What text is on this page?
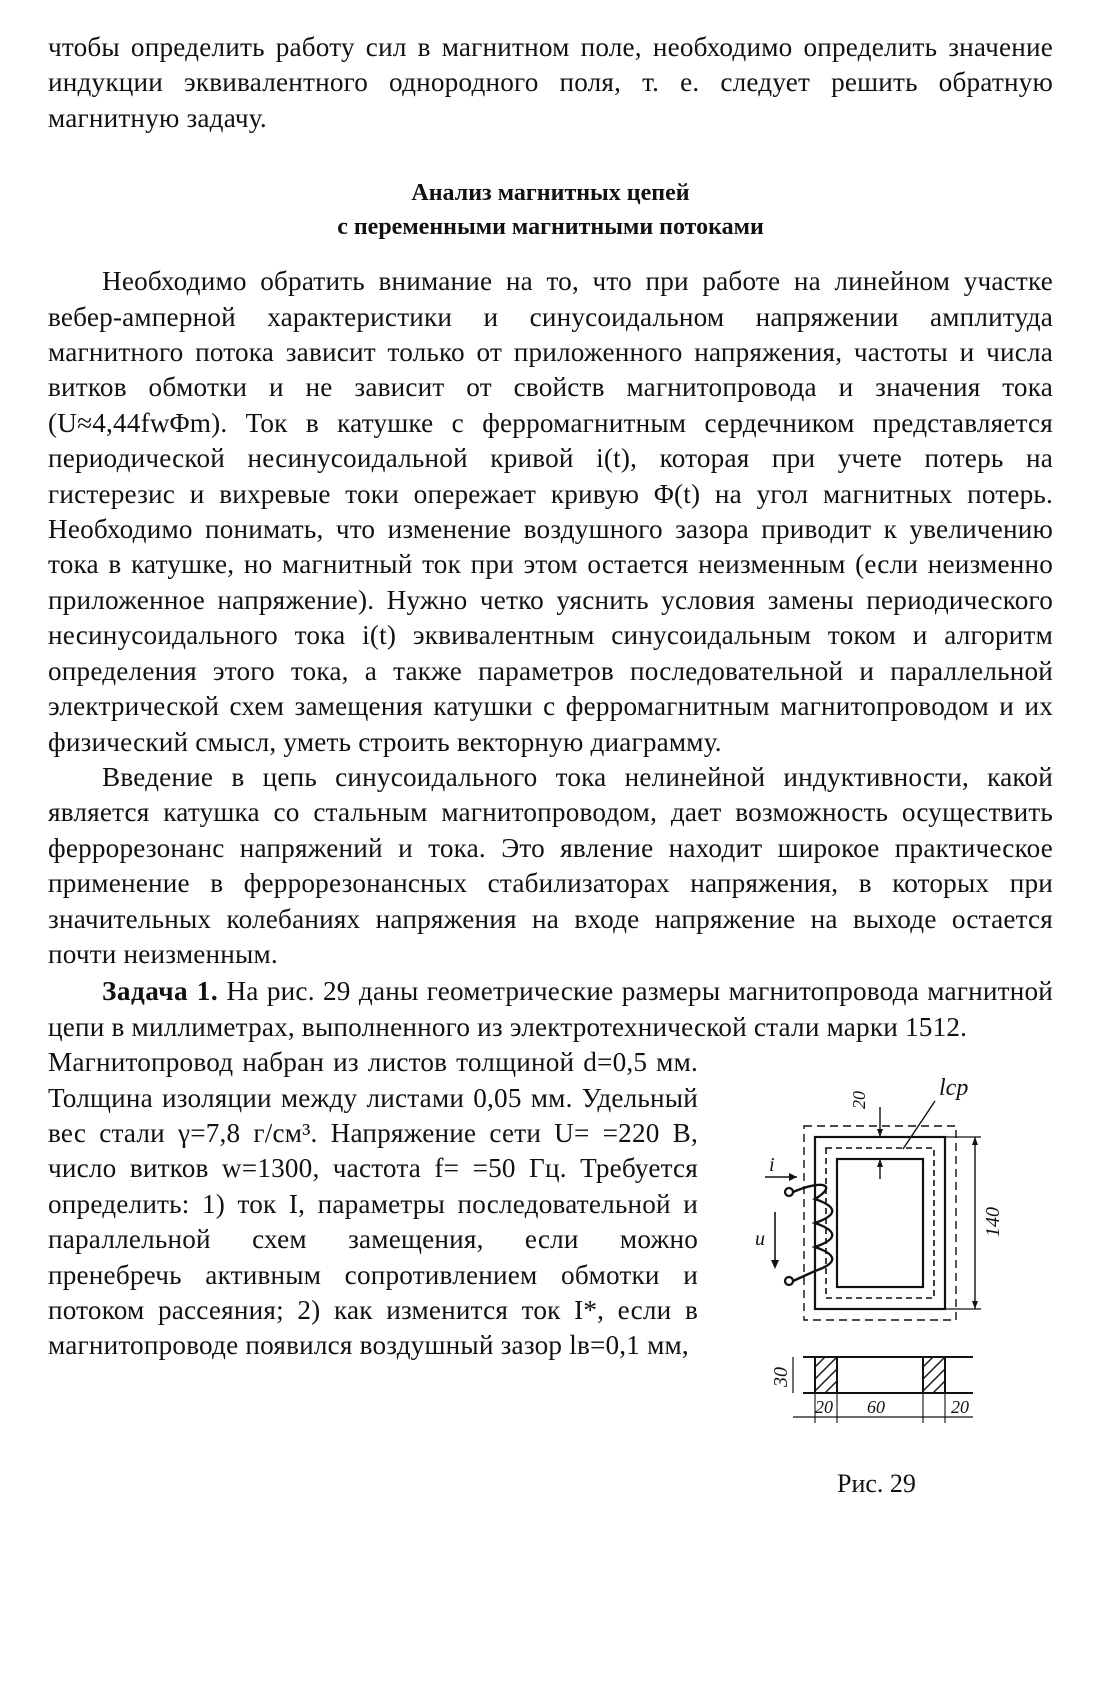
чтобы определить работу сил в магнитном поле, необходимо определить значение индукции эквивалентного однородного поля, т. е. следует решить обратную магнитную задачу.

Анализ магнитных цепей

с переменными магнитными потоками

Необходимо обратить внимание на то, что при работе на линейном участке вебер-амперной характеристики и синусоидальном напряжении амплитуда магнитного потока зависит только от приложенного напряжения, частоты и числа витков обмотки и не зависит от свойств магнитопровода и значения тока (U≈4,44fwΦm). Ток в катушке с ферромагнитным сердечником представляется периодической несинусоидальной кривой i(t), которая при учете потерь на гистерезис и вихревые токи опережает кривую Φ(t) на угол магнитных потерь. Необходимо понимать, что изменение воздушного зазора приводит к увеличению тока в катушке, но магнитный ток при этом остается неизменным (если неизменно приложенное напряжение). Нужно четко уяснить условия замены периодического несинусоидального тока i(t) эквивалентным синусоидальным током и алгоритм определения этого тока, а также параметров последовательной и параллельной электрической схем замещения катушки с ферромагнитным магнитопроводом и их физический смысл, уметь строить векторную диаграмму.

Введение в цепь синусоидального тока нелинейной индуктивности, какой является катушка со стальным магнитопроводом, дает возможность осуществить феррорезонанс напряжений и тока. Это явление находит широкое практическое применение в феррорезонансных стабилизаторах напряжения, в которых при значительных колебаниях напряжения на входе напряжение на выходе остается почти неизменным.

Задача 1. На рис. 29 даны геометрические размеры магнитопровода магнитной цепи в миллиметрах, выполненного из электротехнической стали марки 1512.

Магнитопровод набран из листов толщиной d=0,5 мм. Толщина изоляции между листами 0,05 мм. Удельный вес стали γ=7,8 г/см³. Напряжение сети U= =220 В, число витков w=1300, частота f= =50 Гц. Требуется определить: 1) ток I, параметры последовательной и параллельной схем замещения, если можно пренебречь активным сопротивлением обмотки и потоком рассеяния; 2) как изменится ток I*, если в магнитопроводе появился воздушный зазор lв=0,1 мм,

i
u
lср
20
140
30
20 60	20
Рис. 29
